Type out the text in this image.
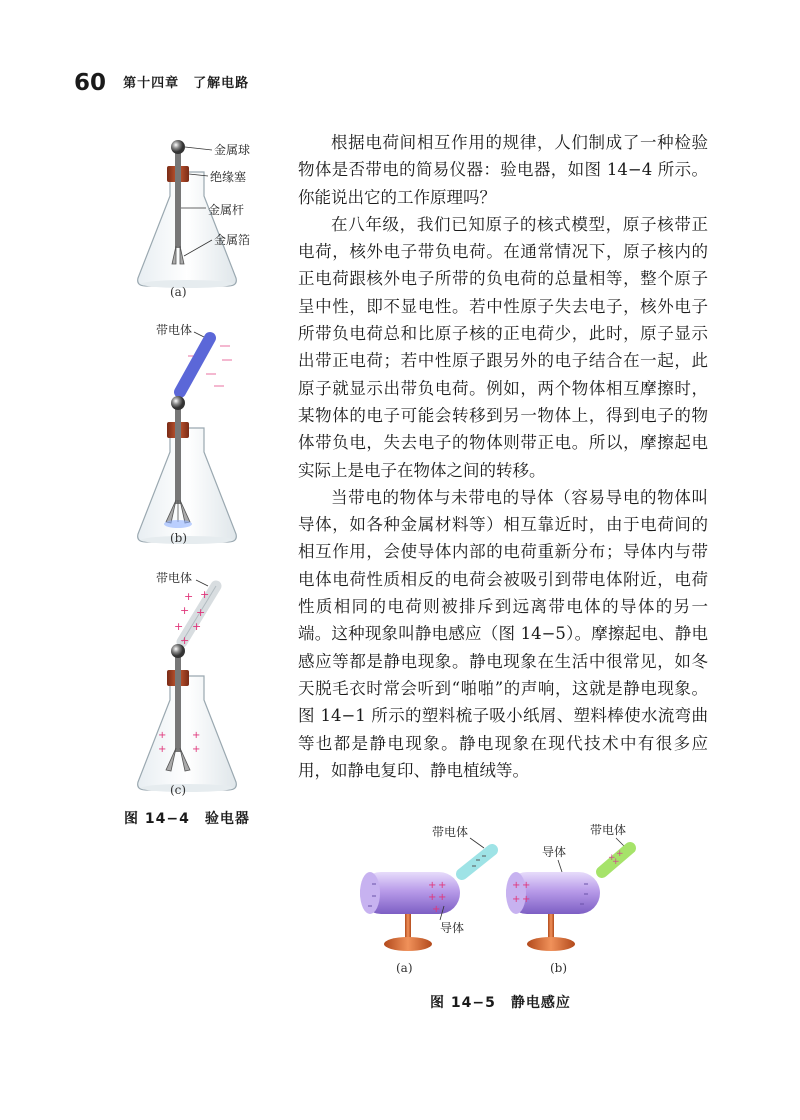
60 第十四章　了解电路
金属球
绝缘塞
金属杆
金属箔
(a)
带电体
(b)
带电体
+ +
+ +
+ +
+
+	+
+	+
(c)
图 14−4　验电器

根据电荷间相互作用的规律，人们制成了一种检验物体是否带电的简易仪器：验电器，如图 14−4 所示。你能说出它的工作原理吗？

在八年级，我们已知原子的核式模型，原子核带正电荷，核外电子带负电荷。在通常情况下，原子核内的正电荷跟核外电子所带的负电荷的总量相等，整个原子呈中性，即不显电性。若中性原子失去电子，核外电子所带负电荷总和比原子核的正电荷少，此时，原子显示出带正电荷；若中性原子跟另外的电子结合在一起，此原子就显示出带负电荷。例如，两个物体相互摩擦时，某物体的电子可能会转移到另一物体上，得到电子的物体带负电，失去电子的物体则带正电。所以，摩擦起电实际上是电子在物体之间的转移。

当带电的物体与未带电的导体（容易导电的物体叫导体，如各种金属材料等）相互靠近时，由于电荷间的相互作用，会使导体内部的电荷重新分布；导体内与带电体电荷性质相反的电荷会被吸引到带电体附近，电荷性质相同的电荷则被排斥到远离带电体的导体的另一端。这种现象叫静电感应（图 14−5）。摩擦起电、静电感应等都是静电现象。静电现象在生活中很常见，如冬天脱毛衣时常会听到“啪啪”的声响，这就是静电现象。图 14−1 所示的塑料梳子吸小纸屑、塑料棒使水流弯曲等也都是静电现象。静电现象在现代技术中有很多应用，如静电复印、静电植绒等。

带电体
+ +
+ +
+
导体
(a)
带电体
+ +
+
导体
+ +
+ +
(b)
图 14−5　静电感应
